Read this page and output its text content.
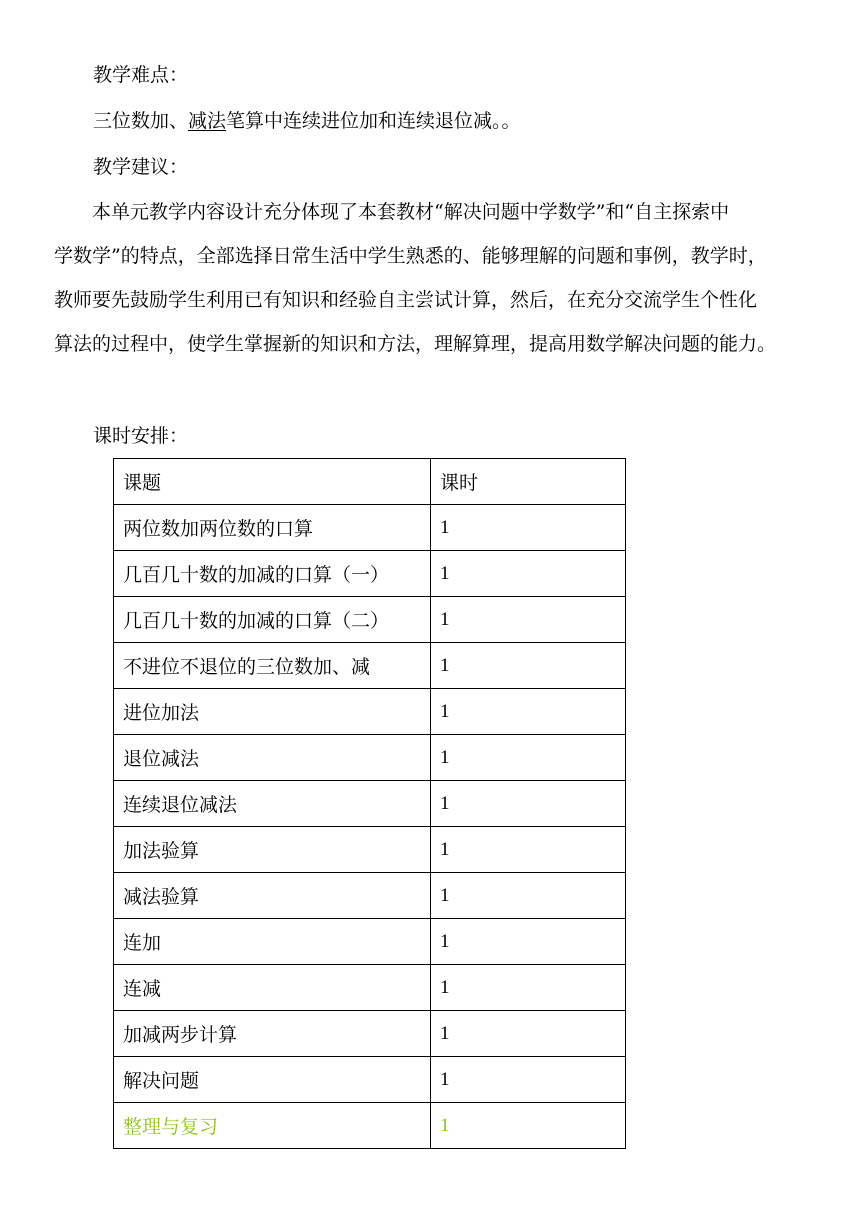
教学难点：
三位数加、减法笔算中连续进位加和连续退位减。。
教学建议：
本单元教学内容设计充分体现了本套教材“解决问题中学数学”和“自主探索中
学数学”的特点，全部选择日常生活中学生熟悉的、能够理解的问题和事例，教学时，
教师要先鼓励学生利用已有知识和经验自主尝试计算，然后，在充分交流学生个性化
算法的过程中，使学生掌握新的知识和方法，理解算理，提高用数学解决问题的能力。
课时安排：
课题	课时
两位数加两位数的口算	1
几百几十数的加减的口算（一）	1
几百几十数的加减的口算（二）	1
不进位不退位的三位数加、减	1
进位加法	1
退位减法	1
连续退位减法	1
加法验算	1
减法验算	1
连加	1
连减	1
加减两步计算	1
解决问题	1
整理与复习	1
